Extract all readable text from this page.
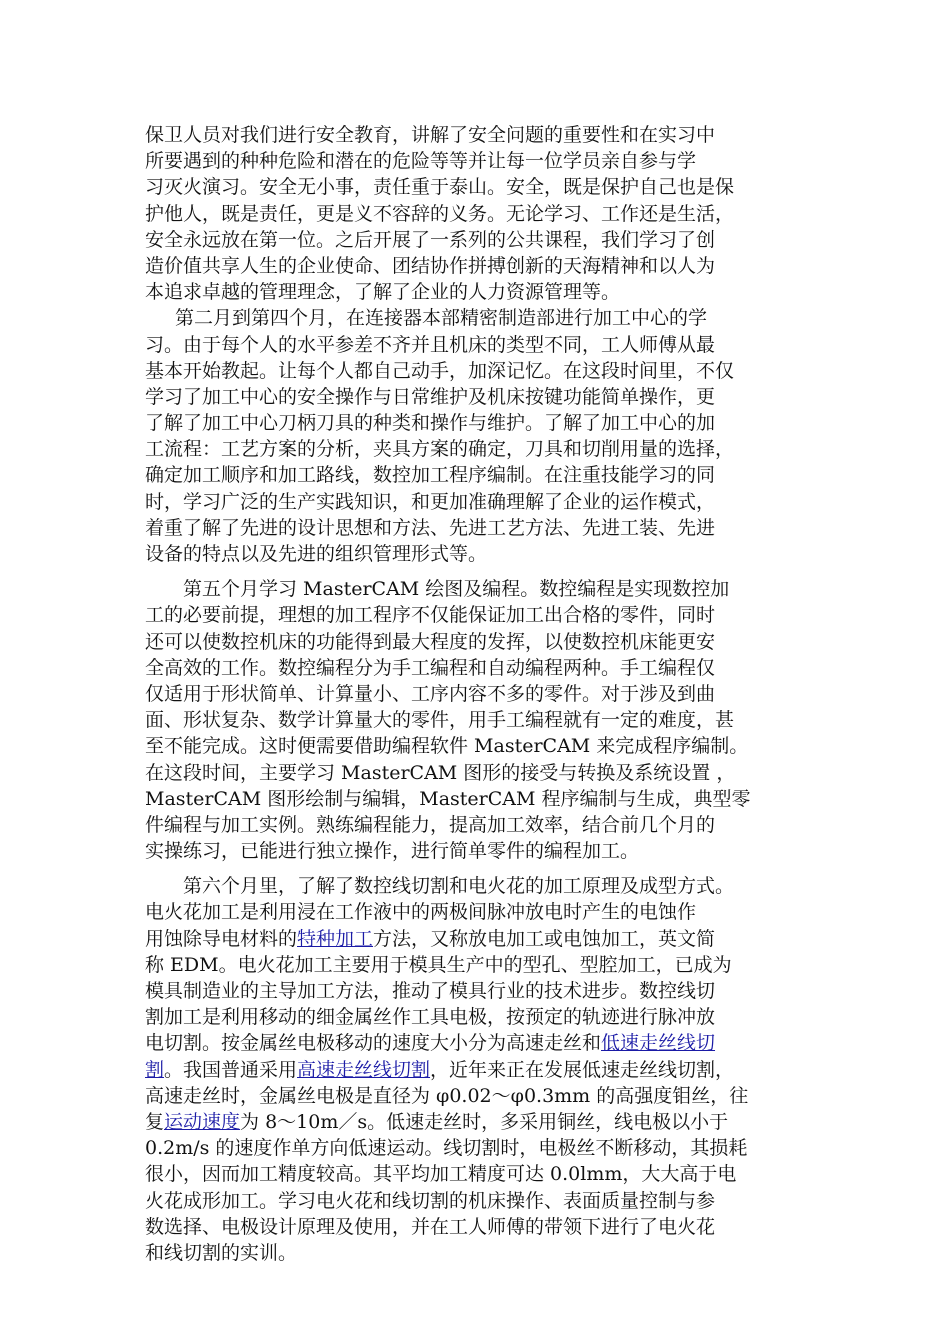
保卫人员对我们进行安全教育，讲解了安全问题的重要性和在实习中
所要遇到的种种危险和潜在的危险等等并让每一位学员亲自参与学
习灭火演习。安全无小事，责任重于泰山。安全，既是保护自己也是保
护他人，既是责任，更是义不容辞的义务。无论学习、工作还是生活，
安全永远放在第一位。之后开展了一系列的公共课程，我们学习了创
造价值共享人生的企业使命、团结协作拼搏创新的天海精神和以人为
本追求卓越的管理理念，了解了企业的人力资源管理等。
第二月到第四个月，在连接器本部精密制造部进行加工中心的学
习。由于每个人的水平参差不齐并且机床的类型不同，工人师傅从最
基本开始教起。让每个人都自己动手，加深记忆。在这段时间里，不仅
学习了加工中心的安全操作与日常维护及机床按键功能简单操作，更
了解了加工中心刀柄刀具的种类和操作与维护。了解了加工中心的加
工流程：工艺方案的分析，夹具方案的确定，刀具和切削用量的选择，
确定加工顺序和加工路线，数控加工程序编制。在注重技能学习的同
时，学习广泛的生产实践知识，和更加准确理解了企业的运作模式，
着重了解了先进的设计思想和方法、先进工艺方法、先进工装、先进
设备的特点以及先进的组织管理形式等。
第五个月学习 MasterCAM 绘图及编程。数控编程是实现数控加
工的必要前提，理想的加工程序不仅能保证加工出合格的零件，同时
还可以使数控机床的功能得到最大程度的发挥，以使数控机床能更安
全高效的工作。数控编程分为手工编程和自动编程两种。手工编程仅
仅适用于形状简单、计算量小、工序内容不多的零件。对于涉及到曲
面、形状复杂、数学计算量大的零件，用手工编程就有一定的难度，甚
至不能完成。这时便需要借助编程软件 MasterCAM 来完成程序编制。
在这段时间，主要学习 MasterCAM 图形的接受与转换及系统设置 ，
MasterCAM 图形绘制与编辑，MasterCAM 程序编制与生成，典型零
件编程与加工实例。熟练编程能力，提高加工效率，结合前几个月的
实操练习，已能进行独立操作，进行简单零件的编程加工。
第六个月里，了解了数控线切割和电火花的加工原理及成型方式。
电火花加工是利用浸在工作液中的两极间脉冲放电时产生的电蚀作
用蚀除导电材料的特种加工方法，又称放电加工或电蚀加工，英文简
称 EDM。电火花加工主要用于模具生产中的型孔、型腔加工，已成为
模具制造业的主导加工方法，推动了模具行业的技术进步。数控线切
割加工是利用移动的细金属丝作工具电极，按预定的轨迹进行脉冲放
电切割。按金属丝电极移动的速度大小分为高速走丝和低速走丝线切
割。我国普通采用高速走丝线切割，近年来正在发展低速走丝线切割，
高速走丝时，金属丝电极是直径为 φ0.02～φ0.3mm 的高强度钼丝，往
复运动速度为 8～10m／s。低速走丝时，多采用铜丝，线电极以小于
0.2m/s 的速度作单方向低速运动。线切割时，电极丝不断移动，其损耗
很小，因而加工精度较高。其平均加工精度可达 0.0lmm，大大高于电
火花成形加工。学习电火花和线切割的机床操作、表面质量控制与参
数选择、电极设计原理及使用，并在工人师傅的带领下进行了电火花
和线切割的实训。
